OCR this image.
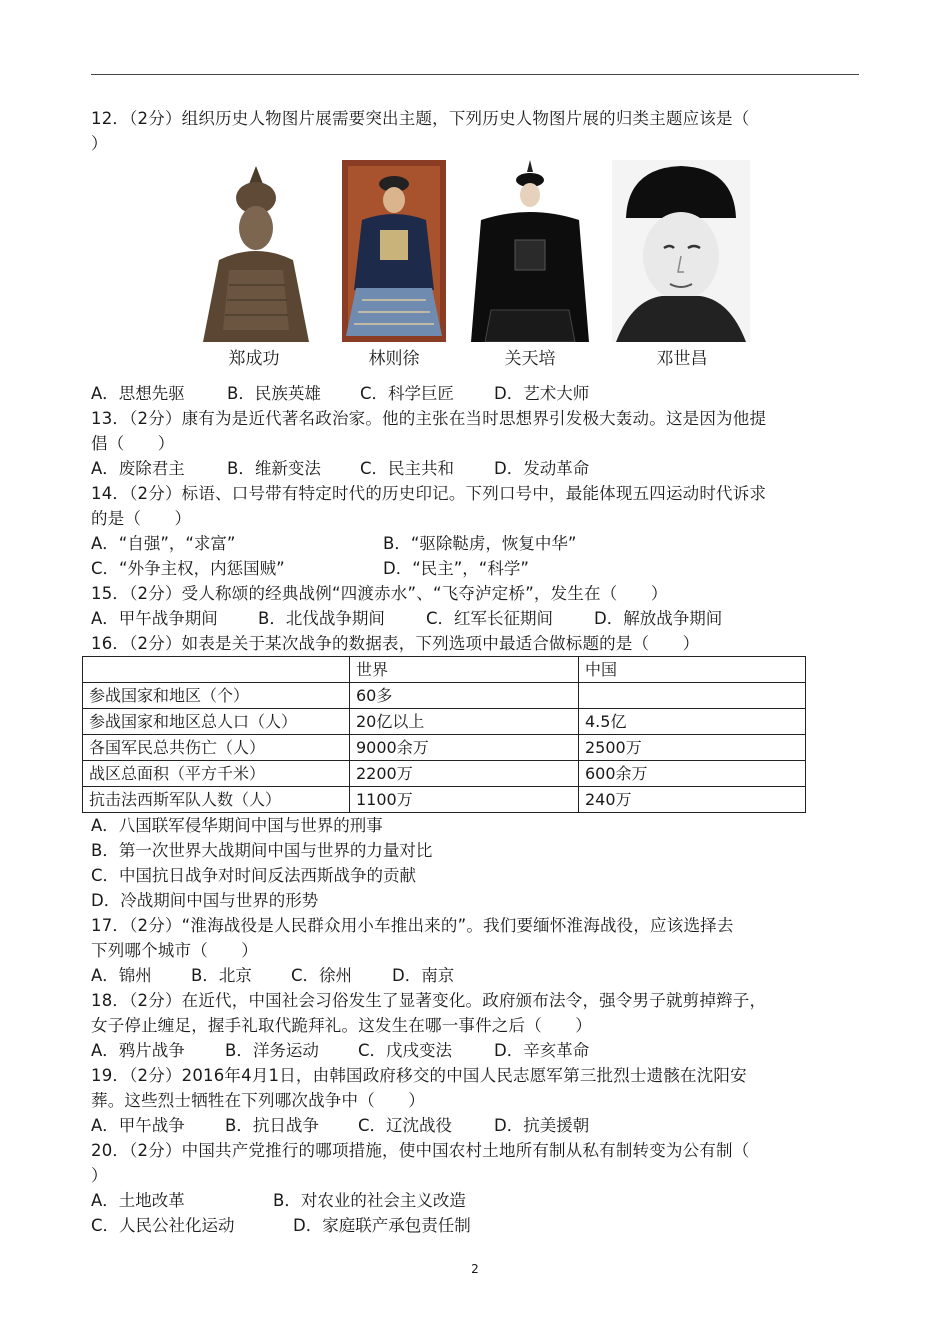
12．（2分）组织历史人物图片展需要突出主题，下列历史人物图片展的归类主题应该是（
）
郑成功	林则徐	关天培	邓世昌
A．思想先驱	B．民族英雄 C．科学巨匠 D．艺术大师
13．（2分）康有为是近代著名政治家。他的主张在当时思想界引发极大轰动。这是因为他提
倡（　　）
A．废除君主	B．维新变法 C．民主共和 D．发动革命
14．（2分）标语、口号带有特定时代的历史印记。下列口号中，最能体现五四运动时代诉求
的是（　　）
A．“自强”，“求富”	B．“驱除鞑虏，恢复中华”
C．“外争主权，内惩国贼”	D．“民主”，“科学”
15．（2分）受人称颂的经典战例“四渡赤水”、“飞夺泸定桥”，发生在（　　）
A．甲午战争期间 B．北伐战争期间 C．红军长征期间 D．解放战争期间
16．（2分）如表是关于某次战争的数据表，下列选项中最适合做标题的是（　　）
	世界	中国
参战国家和地区（个）	60多	
参战国家和地区总人口（人）	20亿以上	4.5亿
各国军民总共伤亡（人）	9000余万	2500万
战区总面积（平方千米）	2200万	600余万
抗击法西斯军队人数（人）	1100万	240万
A．八国联军侵华期间中国与世界的刑事
B．第一次世界大战期间中国与世界的力量对比
C．中国抗日战争对时间反法西斯战争的贡献
D．冷战期间中国与世界的形势
17．（2分）“淮海战役是人民群众用小车推出来的”。我们要缅怀淮海战役，应该选择去
下列哪个城市（　　）
A．锦州 B．北京 C．徐州 D．南京
18．（2分）在近代，中国社会习俗发生了显著变化。政府颁布法令，强令男子就剪掉辫子，
女子停止缠足，握手礼取代跪拜礼。这发生在哪一事件之后（　　）
A．鸦片战争 B．洋务运动 C．戊戌变法	D．辛亥革命
19．（2分）2016年4月1日，由韩国政府移交的中国人民志愿军第三批烈士遗骸在沈阳安
葬。这些烈士牺牲在下列哪次战争中（　　）
A．甲午战争 B．抗日战争 C．辽沈战役	D．抗美援朝
20．（2分）中国共产党推行的哪项措施，使中国农村土地所有制从私有制转变为公有制（
）
A．土地改革	B．对农业的社会主义改造
C．人民公社化运动	D．家庭联产承包责任制
2
